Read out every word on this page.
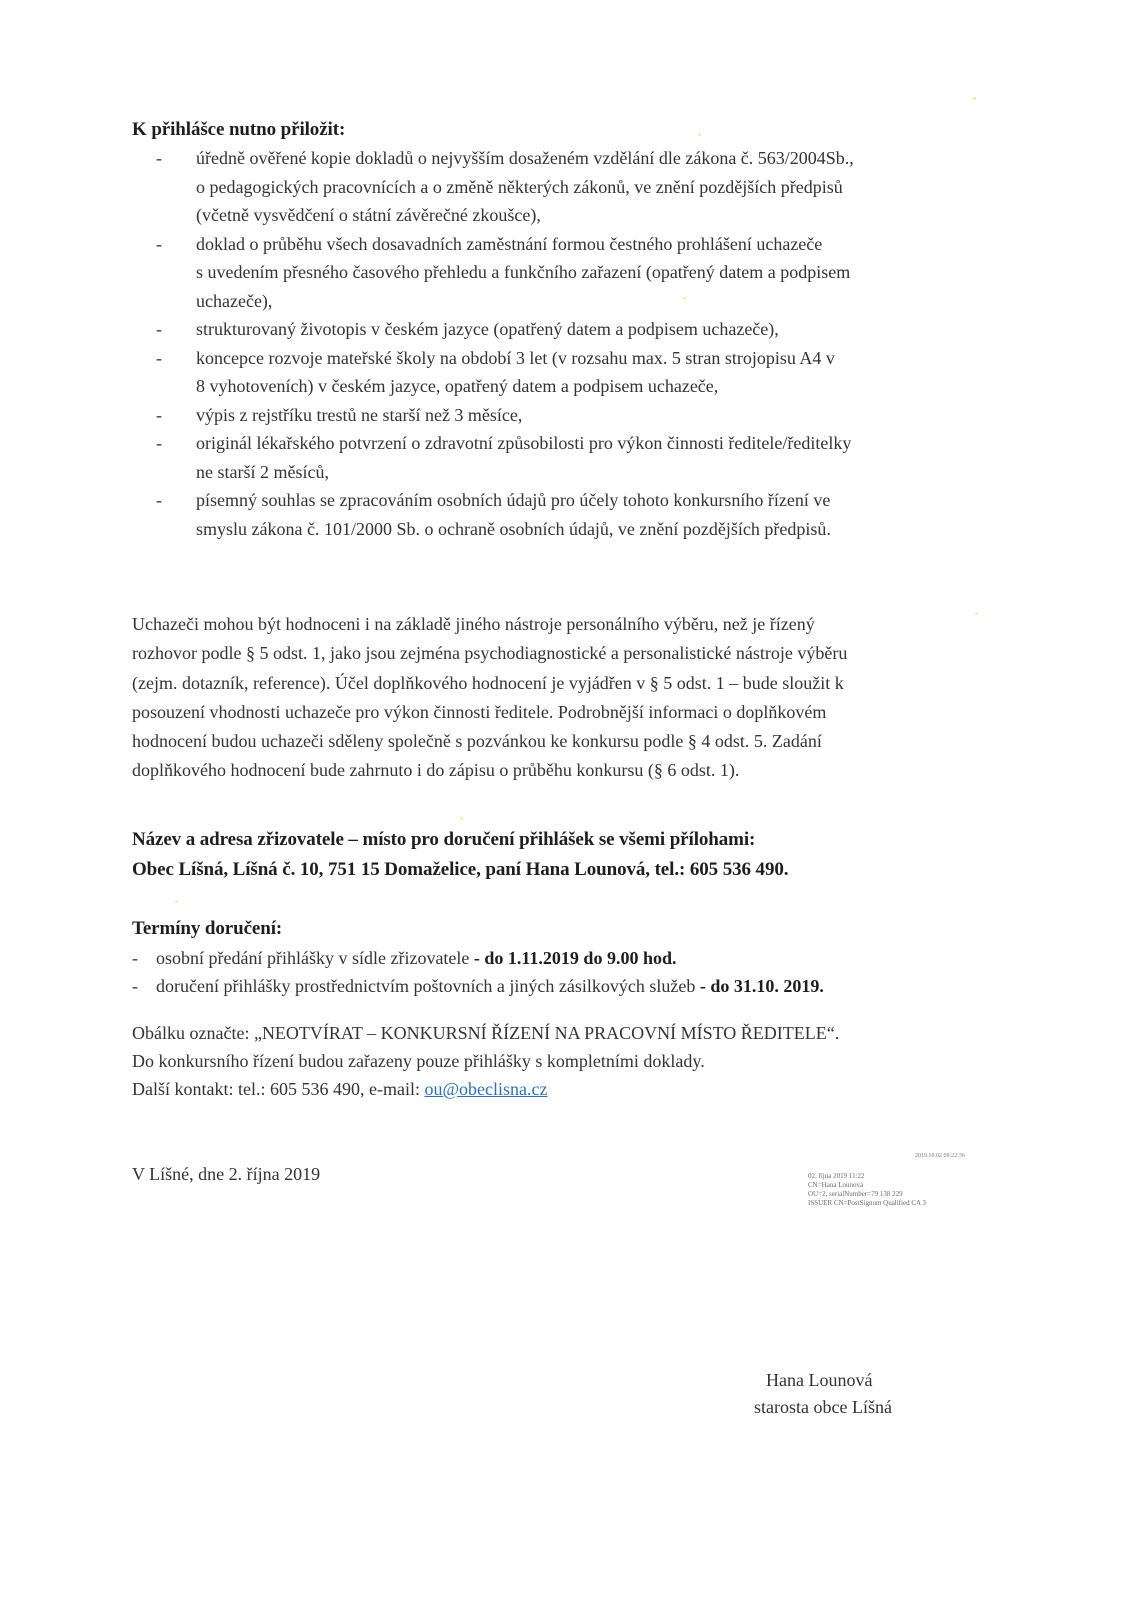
K přihlášce nutno přiložit:
- úředně ověřené kopie dokladů o nejvyšším dosaženém vzdělání dle zákona č. 563/2004Sb.,
o pedagogických pracovnících a o změně některých zákonů, ve znění pozdějších předpisů
(včetně vysvědčení o státní závěrečné zkoušce),
- doklad o průběhu všech dosavadních zaměstnání formou čestného prohlášení uchazeče
s uvedením přesného časového přehledu a funkčního zařazení (opatřený datem a podpisem
uchazeče),
- strukturovaný životopis v českém jazyce (opatřený datem a podpisem uchazeče),
- koncepce rozvoje mateřské školy na období 3 let (v rozsahu max. 5 stran strojopisu A4 v
8 vyhotoveních) v českém jazyce, opatřený datem a podpisem uchazeče,
- výpis z rejstříku trestů ne starší než 3 měsíce,
- originál lékařského potvrzení o zdravotní způsobilosti pro výkon činnosti ředitele/ředitelky
ne starší 2 měsíců,
- písemný souhlas se zpracováním osobních údajů pro účely tohoto konkursního řízení ve
smyslu zákona č. 101/2000 Sb. o ochraně osobních údajů, ve znění pozdějších předpisů.
Uchazeči mohou být hodnoceni i na základě jiného nástroje personálního výběru, než je řízený
rozhovor podle § 5 odst. 1, jako jsou zejména psychodiagnostické a personalistické nástroje výběru
(zejm. dotazník, reference). Účel doplňkového hodnocení je vyjádřen v § 5 odst. 1 – bude sloužit k
posouzení vhodnosti uchazeče pro výkon činnosti ředitele. Podrobnější informaci o doplňkovém
hodnocení budou uchazeči sděleny společně s pozvánkou ke konkursu podle § 4 odst. 5. Zadání
doplňkového hodnocení bude zahrnuto i do zápisu o průběhu konkursu (§ 6 odst. 1).
Název a adresa zřizovatele – místo pro doručení přihlášek se všemi přílohami:
Obec Líšná, Líšná č. 10, 751 15 Domaželice, paní Hana Lounová, tel.: 605 536 490.
Termíny doručení:
- osobní předání přihlášky v sídle zřizovatele - do 1.11.2019 do 9.00 hod.
- doručení přihlášky prostřednictvím poštovních a jiných zásilkových služeb - do 31.10. 2019.
Obálku označte: „NEOTVÍRAT – KONKURSNÍ ŘÍZENÍ NA PRACOVNÍ MÍSTO ŘEDITELE“.
Do konkursního řízení budou zařazeny pouze přihlášky s kompletními doklady.
Další kontakt: tel.: 605 536 490, e-mail: ou@obeclisna.cz
V Líšné, dne 2. října 2019
2019.10.02 09:22:36
02. října 2019 11:22
CN=Hana Lounová
OU=2, serialNumber=79 138 229
ISSUER CN=PostSignum Qualified CA 3
Hana Lounová
starosta obce Líšná
